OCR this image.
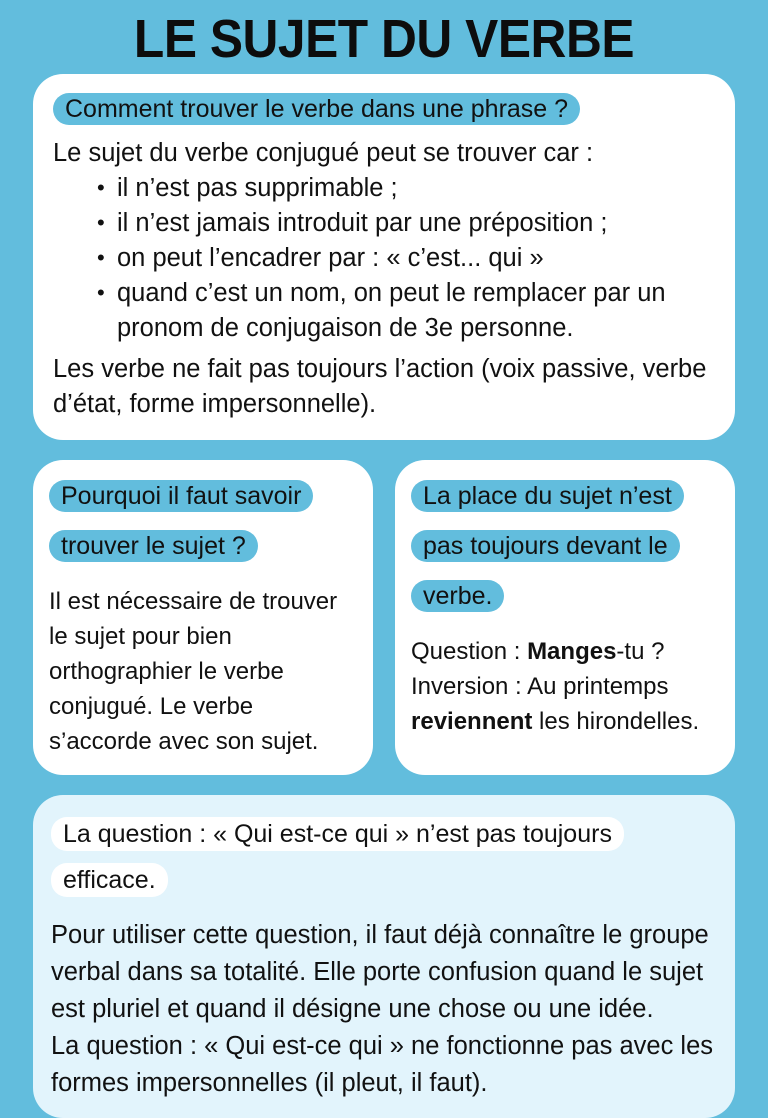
LE SUJET DU VERBE

Comment trouver le verbe dans une phrase ?

Le sujet du verbe conjugué peut se trouver car :

• il n’est pas supprimable ;
• il n’est jamais introduit par une préposition ;
• on peut l’encadrer par : « c’est... qui »
• quand c’est un nom, on peut le remplacer par un pronom de conjugaison de 3e personne.

Les verbe ne fait pas toujours l’action (voix passive, verbe d’état, forme impersonnelle).

Pourquoi il faut savoir

trouver le sujet ?

Il est nécessaire de trouver le sujet pour bien orthographier le verbe conjugué. Le verbe s’accorde avec son sujet.

La place du sujet n’est

pas toujours devant le

verbe.

Question : Manges-tu ?

Inversion : Au printemps reviennent les hirondelles.

La question : « Qui est-ce qui » n’est pas toujours

efficace.

Pour utiliser cette question, il faut déjà connaître le groupe verbal dans sa totalité. Elle porte confusion quand le sujet est pluriel et quand il désigne une chose ou une idée.

La question : « Qui est-ce qui » ne fonctionne pas avec les formes impersonnelles (il pleut, il faut).
